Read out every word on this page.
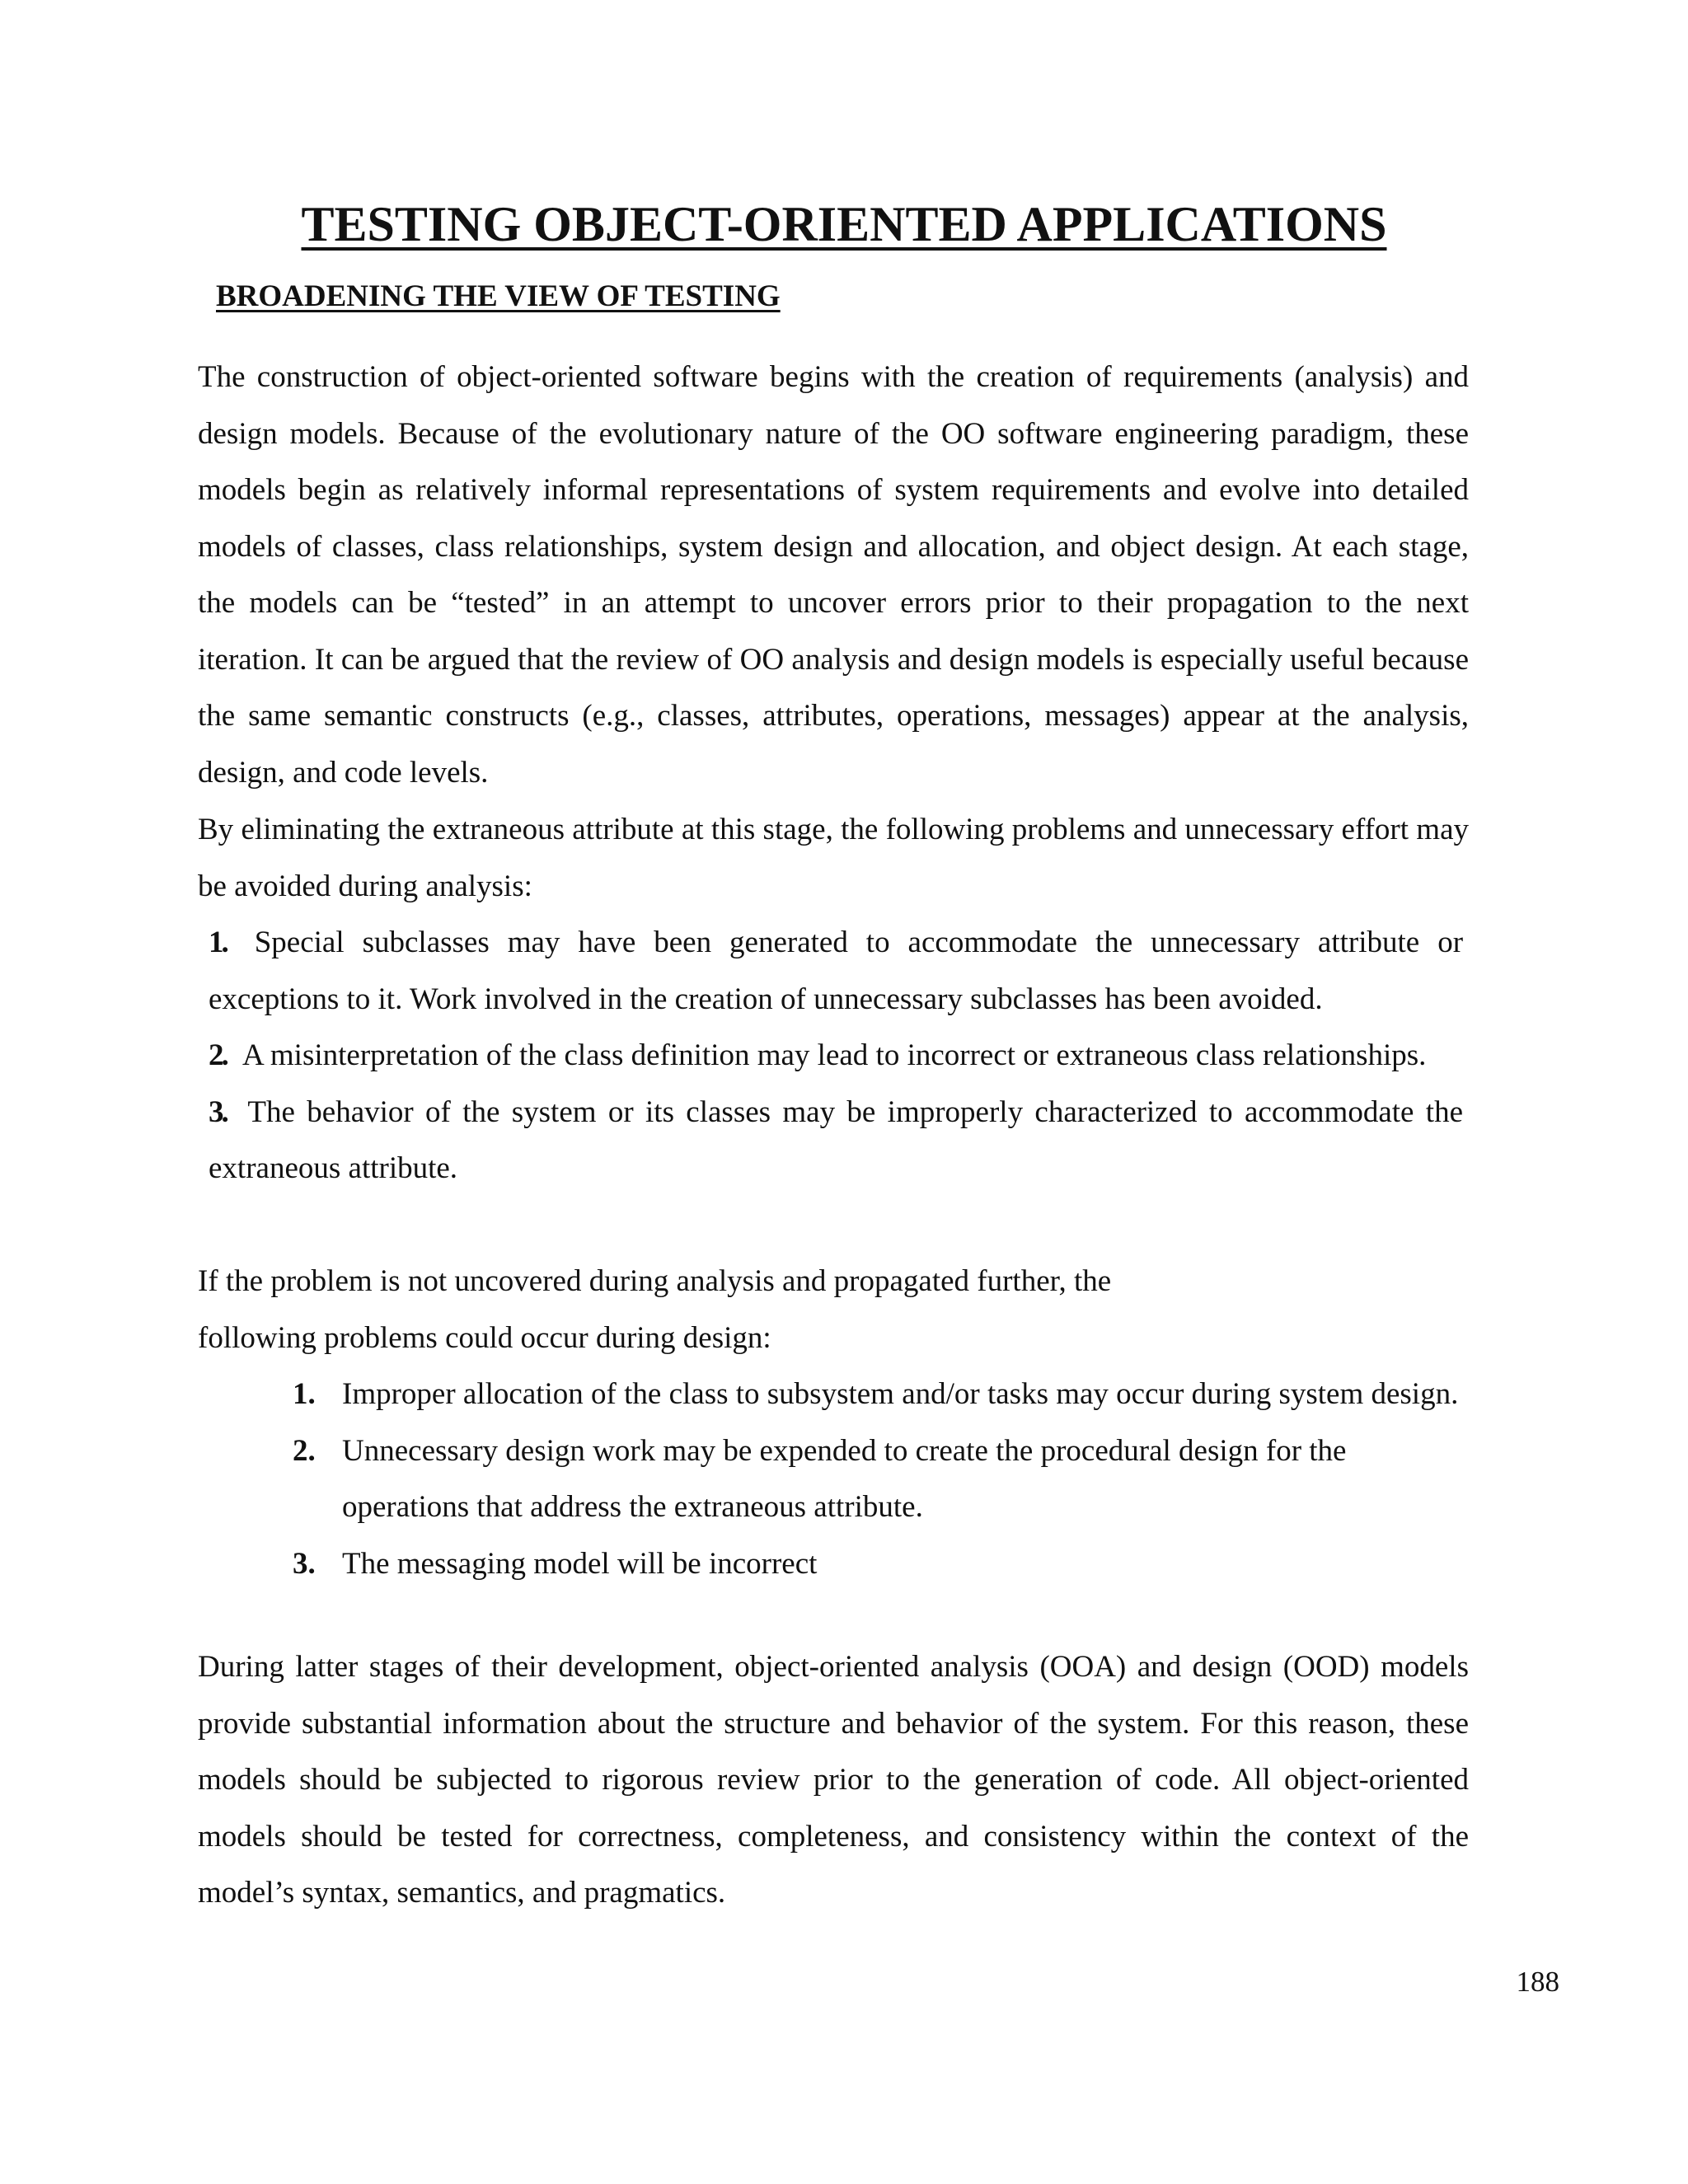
TESTING OBJECT-ORIENTED APPLICATIONS
BROADENING THE VIEW OF TESTING

The construction of object-oriented software begins with the creation of requirements (analysis) and design models. Because of the evolutionary nature of the OO software engineering paradigm, these models begin as relatively informal representations of system requirements and evolve into detailed models of classes, class relationships, system design and allocation, and object design. At each stage, the models can be “tested” in an attempt to uncover errors prior to their propagation to the next iteration. It can be argued that the review of OO analysis and design models is especially useful because the same semantic constructs (e.g., classes, attributes, operations, messages) appear at the analysis, design, and code levels.

By eliminating the extraneous attribute at this stage, the following problems and unnecessary effort may be avoided during analysis:

1. Special subclasses may have been generated to accommodate the unnecessary attribute or exceptions to it. Work involved in the creation of unnecessary subclasses has been avoided.
2. A misinterpretation of the class definition may lead to incorrect or extraneous class relationships.
3. The behavior of the system or its classes may be improperly characterized to accommodate the extraneous attribute.

If the problem is not uncovered during analysis and propagated further, the
following problems could occur during design:

1. Improper allocation of the class to subsystem and/or tasks may occur during system design.
2. Unnecessary design work may be expended to create the procedural design for the operations that address the extraneous attribute.
3. The messaging model will be incorrect

During latter stages of their development, object-oriented analysis (OOA) and design (OOD) models provide substantial information about the structure and behavior of the system. For this reason, these models should be subjected to rigorous review prior to the generation of code. All object-oriented models should be tested for correctness, completeness, and consistency within the context of the model’s syntax, semantics, and pragmatics.

188
